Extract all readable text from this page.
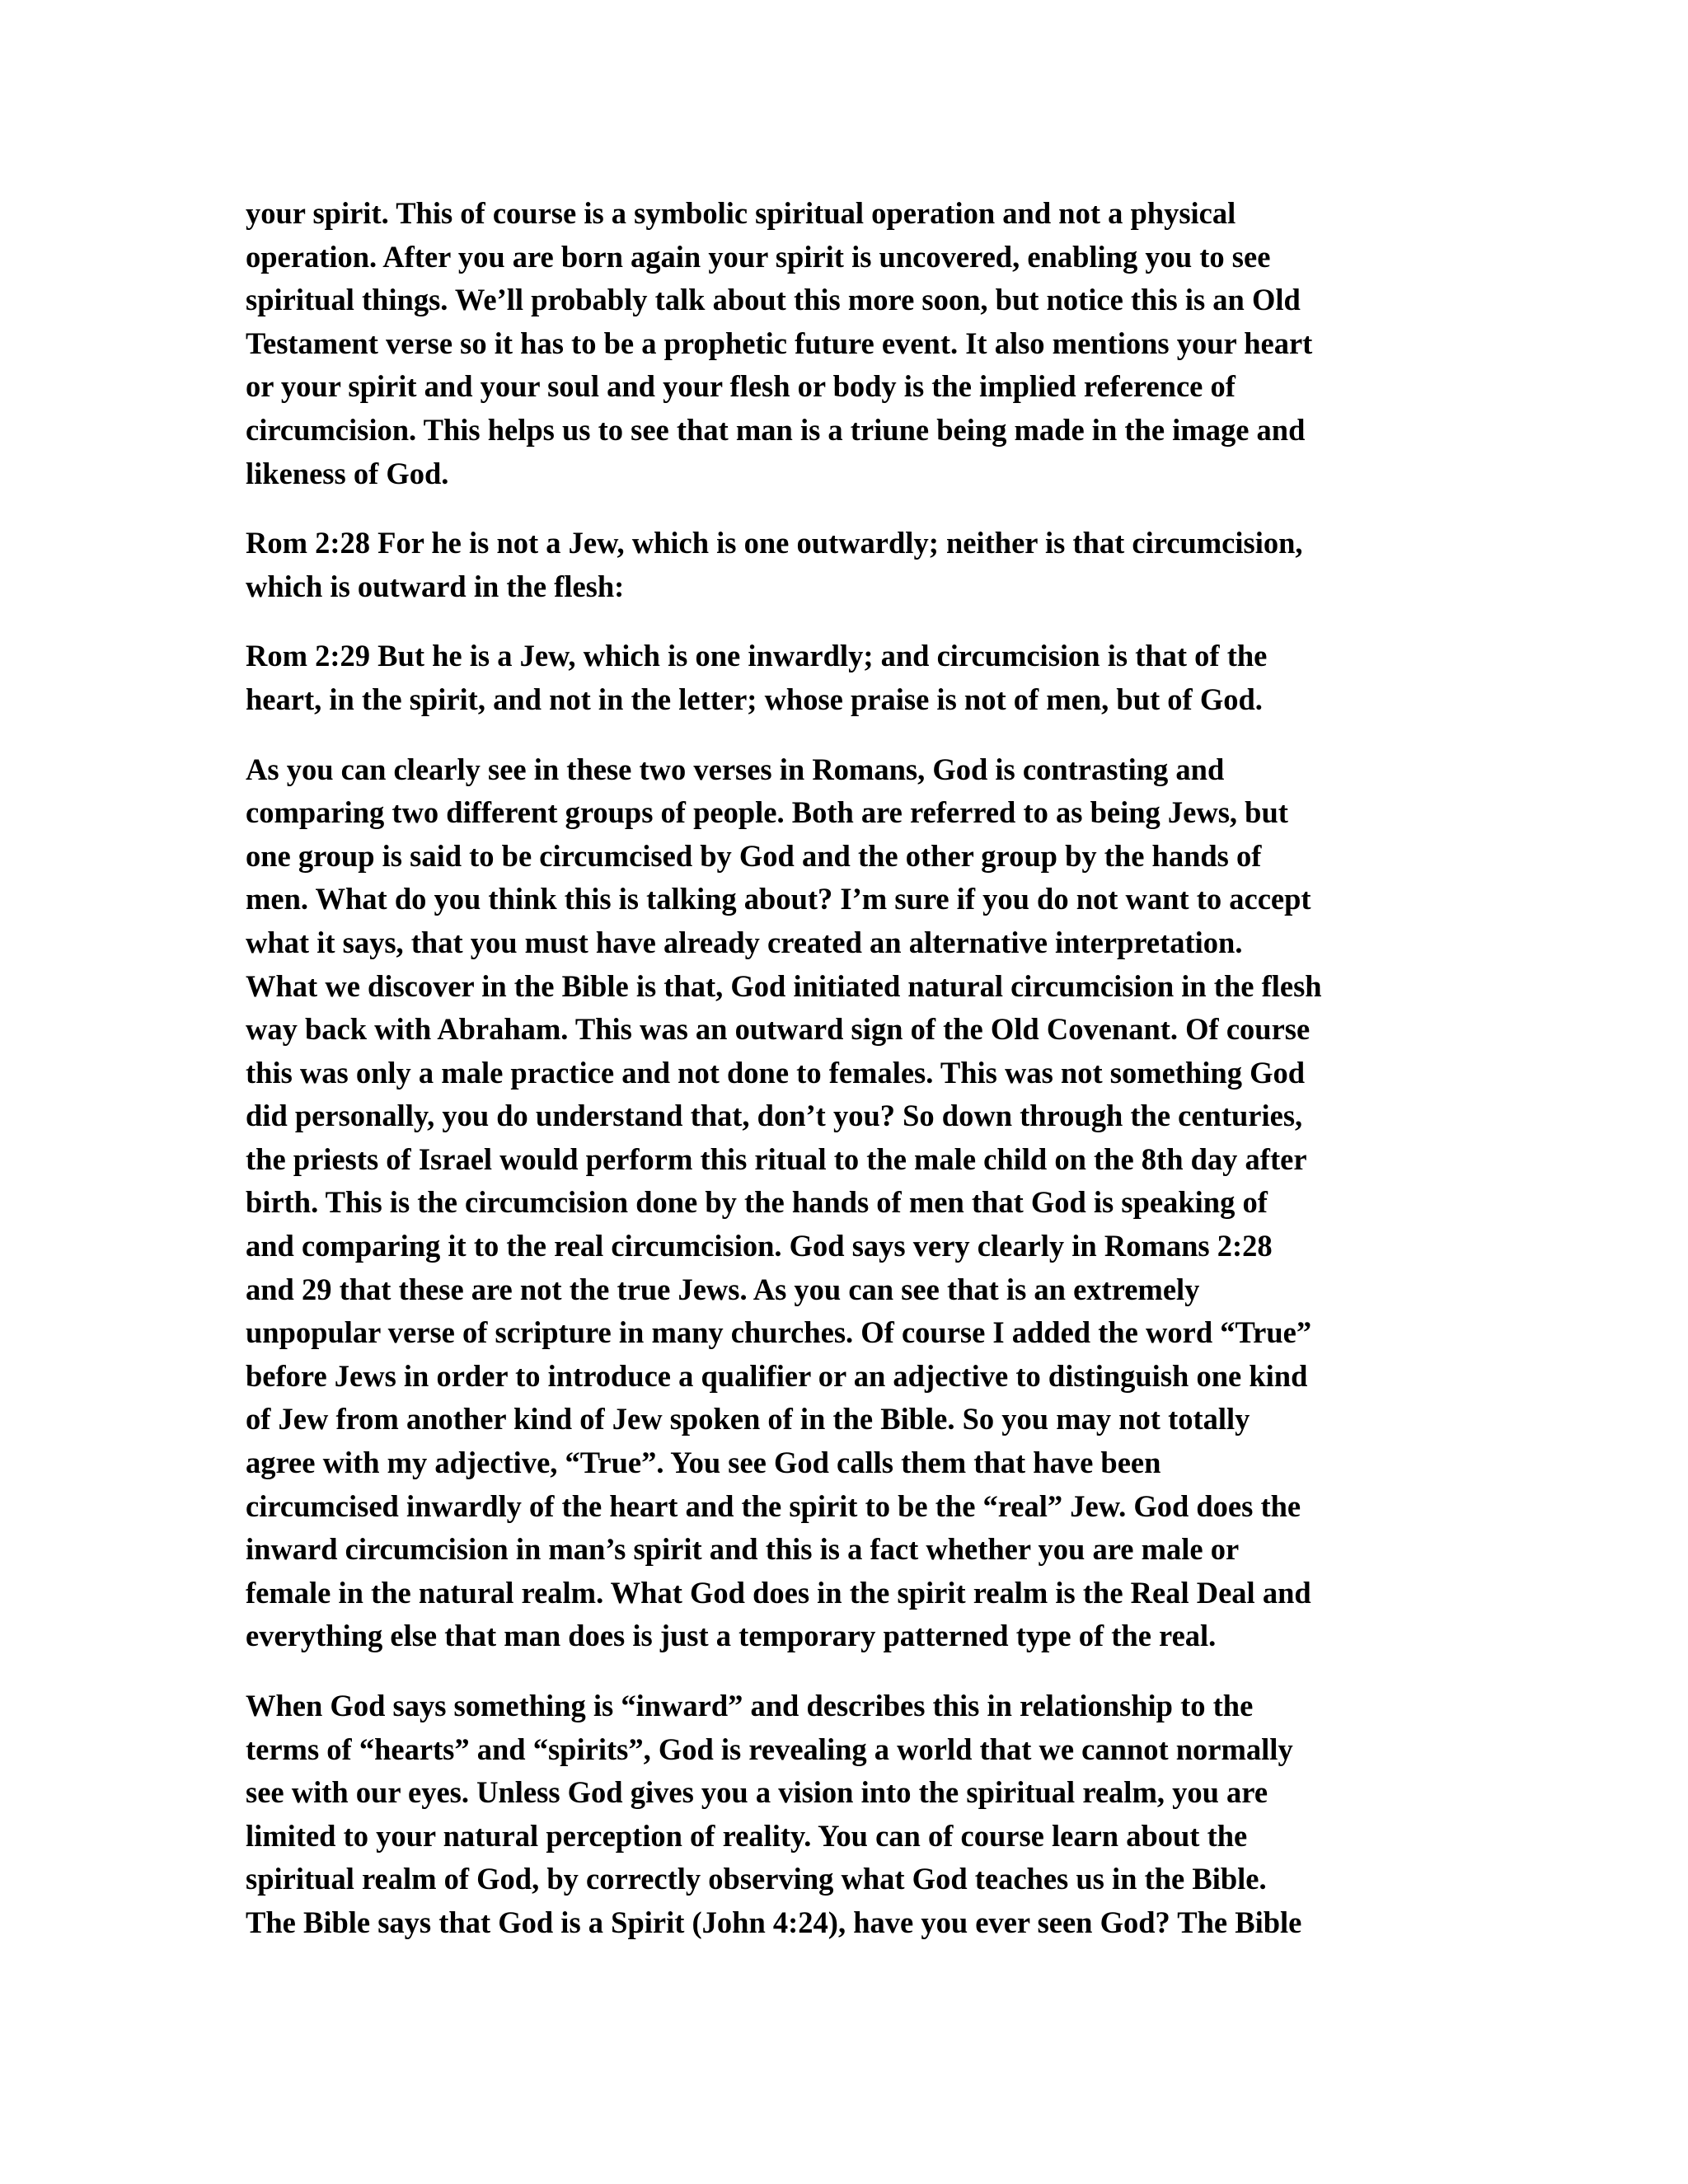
your spirit. This of course is a symbolic spiritual operation and not a physical
operation. After you are born again your spirit is uncovered, enabling you to see
spiritual things. We’ll probably talk about this more soon, but notice this is an Old
Testament verse so it has to be a prophetic future event. It also mentions your heart
or your spirit and your soul and your flesh or body is the implied reference of
circumcision. This helps us to see that man is a triune being made in the image and
likeness of God.
Rom 2:28 For he is not a Jew, which is one outwardly; neither is that circumcision,
which is outward in the flesh:
Rom 2:29 But he is a Jew, which is one inwardly; and circumcision is that of the
heart, in the spirit, and not in the letter; whose praise is not of men, but of God.
As you can clearly see in these two verses in Romans, God is contrasting and
comparing two different groups of people. Both are referred to as being Jews, but
one group is said to be circumcised by God and the other group by the hands of
men. What do you think this is talking about? I’m sure if you do not want to accept
what it says, that you must have already created an alternative interpretation.
What we discover in the Bible is that, God initiated natural circumcision in the flesh
way back with Abraham. This was an outward sign of the Old Covenant. Of course
this was only a male practice and not done to females. This was not something God
did personally, you do understand that, don’t you? So down through the centuries,
the priests of Israel would perform this ritual to the male child on the 8th day after
birth. This is the circumcision done by the hands of men that God is speaking of
and comparing it to the real circumcision. God says very clearly in Romans 2:28
and 29 that these are not the true Jews. As you can see that is an extremely
unpopular verse of scripture in many churches. Of course I added the word “True”
before Jews in order to introduce a qualifier or an adjective to distinguish one kind
of Jew from another kind of Jew spoken of in the Bible. So you may not totally
agree with my adjective, “True”. You see God calls them that have been
circumcised inwardly of the heart and the spirit to be the “real” Jew. God does the
inward circumcision in man’s spirit and this is a fact whether you are male or
female in the natural realm. What God does in the spirit realm is the Real Deal and
everything else that man does is just a temporary patterned type of the real.
When God says something is “inward” and describes this in relationship to the
terms of “hearts” and “spirits”, God is revealing a world that we cannot normally
see with our eyes. Unless God gives you a vision into the spiritual realm, you are
limited to your natural perception of reality. You can of course learn about the
spiritual realm of God, by correctly observing what God teaches us in the Bible.
The Bible says that God is a Spirit (John 4:24), have you ever seen God? The Bible
